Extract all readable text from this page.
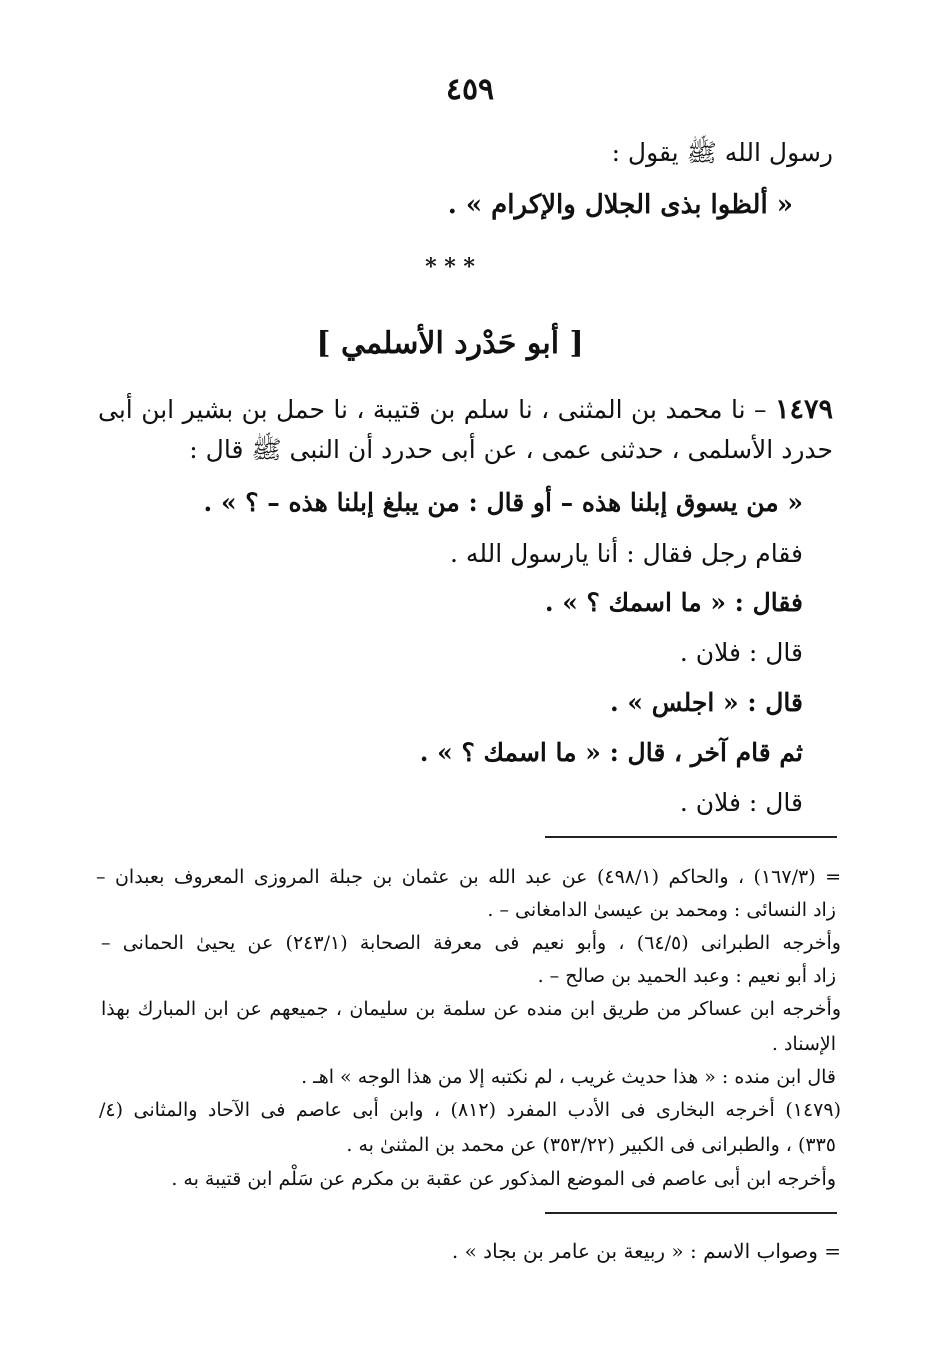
٤٥٩

رسول الله ﷺ يقول :

« ألظوا بذى الجلال والإكرام » .

* * *

[ أبو حَدْرد الأسلمي ]

١٤٧٩ – نا محمد بن المثنى ، نا سلم بن قتيبة ، نا حمل بن بشير ابن أبى

حدرد الأسلمى ، حدثنى عمى ، عن أبى حدرد أن النبى ﷺ قال :

« من يسوق إبلنا هذه – أو قال : من يبلغ إبلنا هذه – ؟ » .

فقام رجل فقال : أنا يارسول الله .

فقال : « ما اسمك ؟ » .

قال : فلان .

قال : « اجلس » .

ثم قام آخر ، قال : « ما اسمك ؟ » .

قال : فلان .

= (١٦٧/٣) ، والحاكم (٤٩٨/١) عن عبد الله بن عثمان بن جبلة المروزى المعروف بعبدان –

زاد النسائى : ومحمد بن عيسىٰ الدامغانى – .

وأخرجه الطبرانى (٦٤/٥) ، وأبو نعيم فى معرفة الصحابة (٢٤٣/١) عن يحيىٰ الحمانى –

زاد أبو نعيم : وعبد الحميد بن صالح – .

وأخرجه ابن عساكر من طريق ابن منده عن سلمة بن سليمان ، جميعهم عن ابن المبارك بهذا

الإسناد .

قال ابن منده : « هذا حديث غريب ، لم نكتبه إلا من هذا الوجه » اهـ .

(١٤٧٩) أخرجه البخارى فى الأدب المفرد (٨١٢) ، وابن أبى عاصم فى الآحاد والمثانى (٤/

٣٣٥) ، والطبرانى فى الكبير (٣٥٣/٢٢) عن محمد بن المثنىٰ به .

وأخرجه ابن أبى عاصم فى الموضع المذكور عن عقبة بن مكرم عن سَلْم ابن قتيبة به .

= وصواب الاسم : « ربيعة بن عامر بن بجاد » .
